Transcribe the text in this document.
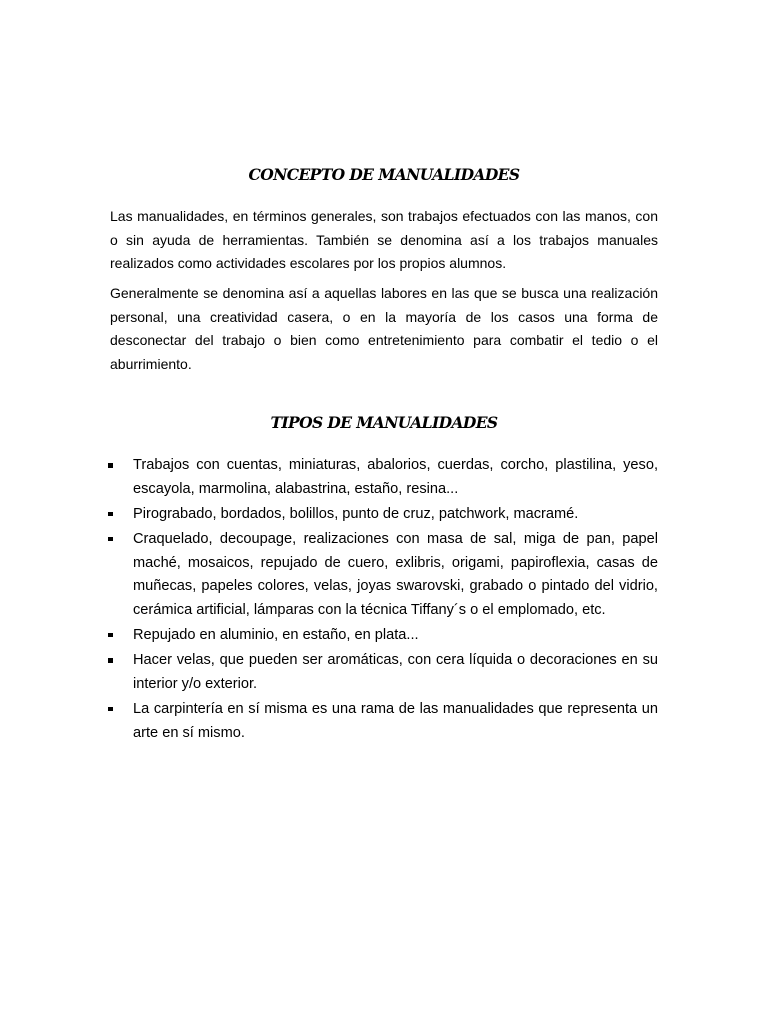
CONCEPTO DE MANUALIDADES

Las manualidades, en términos generales, son trabajos efectuados con las manos, con o sin ayuda de herramientas. También se denomina así a los trabajos manuales realizados como actividades escolares por los propios alumnos.

Generalmente se denomina así a aquellas labores en las que se busca una realización personal, una creatividad casera, o en la mayoría de los casos una forma de desconectar del trabajo o bien como entretenimiento para combatir el tedio o el aburrimiento.

TIPOS DE MANUALIDADES
Trabajos con cuentas, miniaturas, abalorios, cuerdas, corcho, plastilina, yeso, escayola, marmolina, alabastrina, estaño, resina...
Pirograbado, bordados, bolillos, punto de cruz, patchwork, macramé.
Craquelado, decoupage, realizaciones con masa de sal, miga de pan, papel maché, mosaicos, repujado de cuero, exlibris, origami, papiroflexia, casas de muñecas, papeles colores, velas, joyas swarovski, grabado o pintado del vidrio, cerámica artificial, lámparas con la técnica Tiffany´s o el emplomado, etc.
Repujado en aluminio, en estaño, en plata...
Hacer velas, que pueden ser aromáticas, con cera líquida o decoraciones en su interior y/o exterior.
La carpintería en sí misma es una rama de las manualidades que representa un arte en sí mismo.
